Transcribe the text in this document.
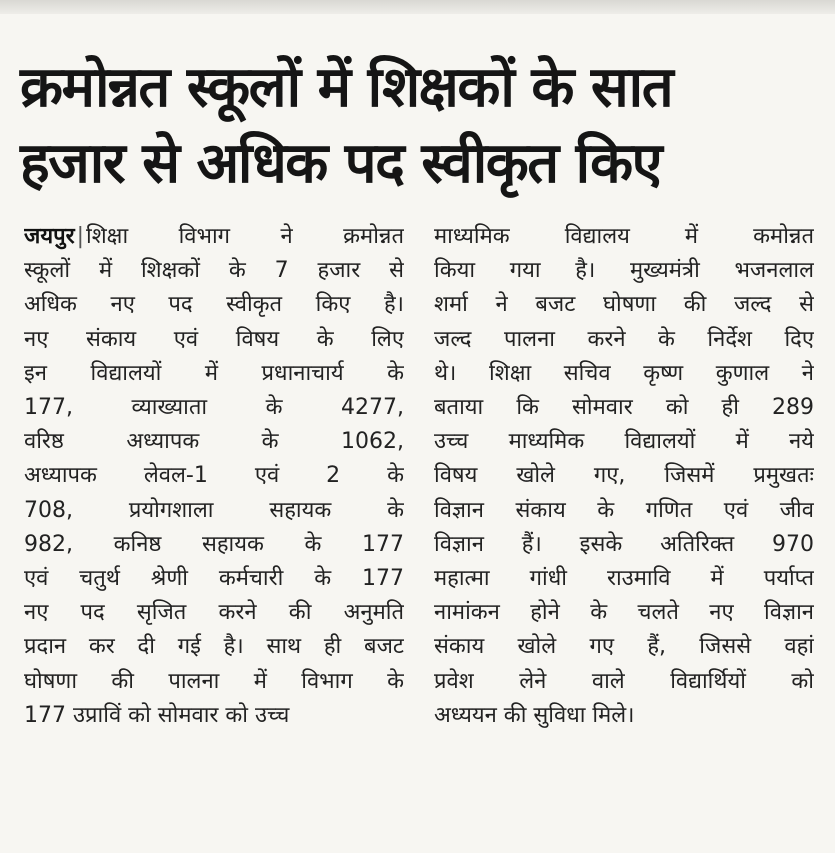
क्रमोन्नत स्कूलों में शिक्षकों के सात
हजार से अधिक पद स्वीकृत किए

जयपुर|शिक्षा विभाग ने क्रमोन्नत

स्कूलों में शिक्षकों के 7 हजार से

अधिक नए पद स्वीकृत किए है।

नए संकाय एवं विषय के लिए

इन विद्यालयों में प्रधानाचार्य के

177, व्याख्याता के 4277,

वरिष्ठ अध्यापक के 1062,

अध्यापक लेवल-1 एवं 2 के

708, प्रयोगशाला सहायक के

982, कनिष्ठ सहायक के 177

एवं चतुर्थ श्रेणी कर्मचारी के 177

नए पद सृजित करने की अनुमति

प्रदान कर दी गई है। साथ ही बजट

घोषणा की पालना में विभाग के

177 उप्राविं को सोमवार को उच्च

माध्यमिक विद्यालय में कमोन्नत

किया गया है। मुख्यमंत्री भजनलाल

शर्मा ने बजट घोषणा की जल्द से

जल्द पालना करने के निर्देश दिए

थे। शिक्षा सचिव कृष्ण कुणाल ने

बताया कि सोमवार को ही 289

उच्च माध्यमिक विद्यालयों में नये

विषय खोले गए, जिसमें प्रमुखतः

विज्ञान संकाय के गणित एवं जीव

विज्ञान हैं। इसके अतिरिक्त 970

महात्मा गांधी राउमावि में पर्याप्त

नामांकन होने के चलते नए विज्ञान

संकाय खोले गए हैं, जिससे वहां

प्रवेश लेने वाले विद्यार्थियों को

अध्ययन की सुविधा मिले।
